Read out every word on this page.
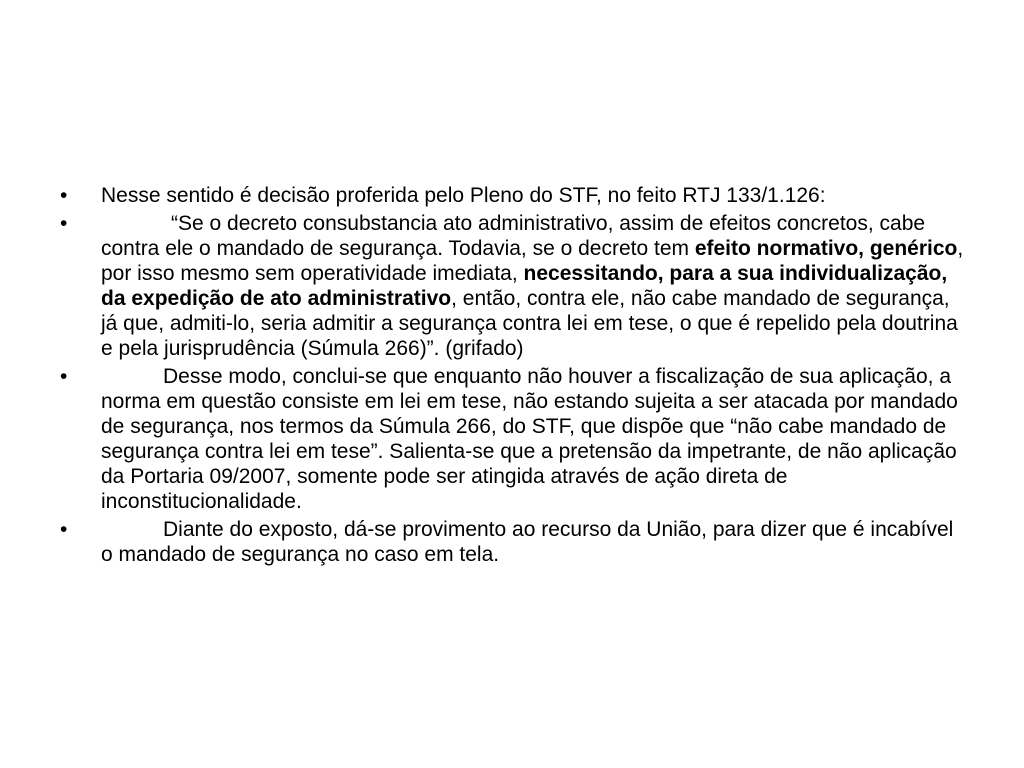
•	Nesse sentido é decisão proferida pelo Pleno do STF, no feito RTJ 133/1.126:
•	“Se o decreto consubstancia ato administrativo, assim de efeitos concretos, cabe contra ele o mandado de segurança. Todavia, se o decreto tem efeito normativo, genérico, por isso mesmo sem operatividade imediata, necessitando, para a sua individualização, da expedição de ato administrativo, então, contra ele, não cabe mandado de segurança, já que, admiti-lo, seria admitir a segurança contra lei em tese, o que é repelido pela doutrina e pela jurisprudência (Súmula 266)”. (grifado)
•	Desse modo, conclui-se que enquanto não houver a fiscalização de sua aplicação, a norma em questão consiste em lei em tese, não estando sujeita a ser atacada por mandado de segurança, nos termos da Súmula 266, do STF, que dispõe que “não cabe mandado de segurança contra lei em tese”. Salienta-se que a pretensão da impetrante, de não aplicação da Portaria 09/2007, somente pode ser atingida através de ação direta de inconstitucionalidade.
•	Diante do exposto, dá-se provimento ao recurso da União, para dizer que é incabível o mandado de segurança no caso em tela.
